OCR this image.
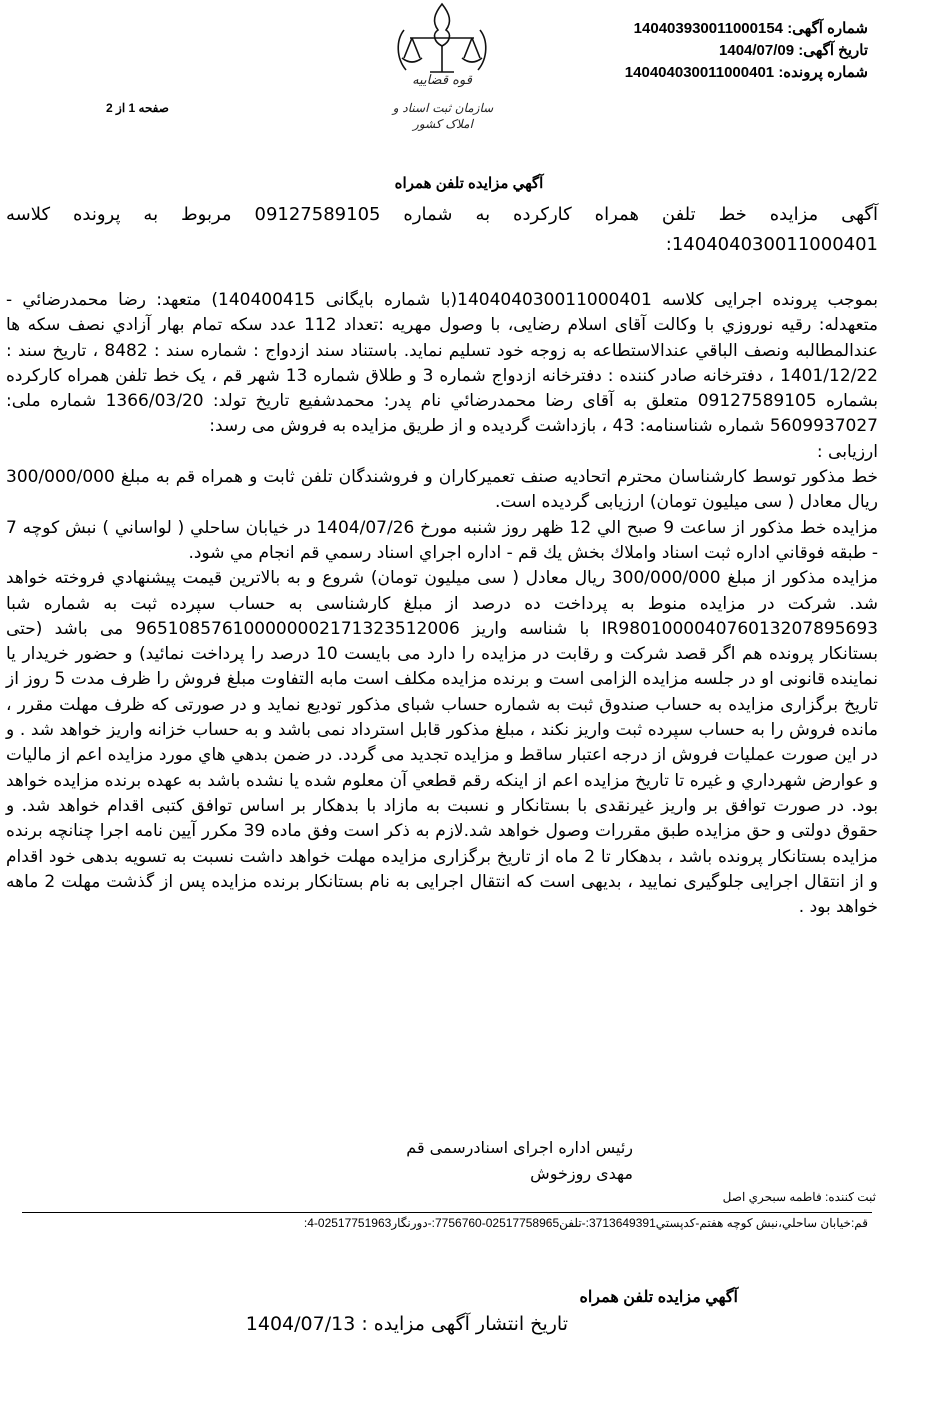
شماره آگهی: 140403930011000154
تاریخ آگهی: 1404/07/09
شماره پرونده: 140404030011000401
قوه قضاییه
سازمان ثبت اسناد و املاک کشور
صفحه 1 از 2
آگهي مزايده تلفن همراه
آگهی مزایده خط تلفن همراه کارکرده به شماره 09127589105 مربوط به پرونده کلاسه 140404030011000401:

بموجب پرونده اجرایی کلاسه 140404030011000401(با شماره بایگانی 140400415) متعهد: رضا محمدرضائي - متعهدله: رقيه نوروزي با وكالت آقاى اسلام رضايى، با وصول مهريه :تعداد 112 عدد سكه تمام بهار آزادي نصف سكه ها عندالمطالبه ونصف الباقي عندالاستطاعه به زوجه خود تسليم نمايد. باستناد سند ازدواج : شماره سند : 8482 ، تاریخ سند : 1401/12/22 ، دفترخانه صادر کننده : دفترخانه ازدواج شماره 3 و طلاق شماره 13 شهر قم ، یک خط تلفن همراه کارکرده بشماره 09127589105 متعلق به آقای رضا محمدرضائي نام پدر: محمدشفيع تاريخ تولد: 1366/03/20 شماره ملی: 5609937027 شماره شناسنامه: 43 ، بازداشت گردیده و از طریق مزایده به فروش می رسد:

ارزیابی :

خط مذکور توسط کارشناسان محترم اتحادیه صنف تعمیرکاران و فروشندگان تلفن ثابت و همراه قم به مبلغ 300/000/000 ریال معادل ( سی میلیون تومان) ارزیابی گردیده است.

مزايده خط مذكور از ساعت 9 صبح الي 12 ظهر روز شنبه مورخ 1404/07/26 در خيابان ساحلي ( لواساني ) نبش كوچه 7 - طبقه فوقاني اداره ثبت اسناد واملاك بخش يك قم - اداره اجراي اسناد رسمي قم انجام مي شود.

مزایده مذکور از مبلغ 300/000/000 ریال معادل ( سی میلیون تومان) شروع و به بالاترین قیمت پيشنهادي فروخته خواهد شد. شرکت در مزايده منوط به پرداخت ده درصد از مبلغ کارشناسی به حساب سپرده ثبت به شماره شبا IR980100004076013207895693 با شناسه واريز 965108576100000002171323512006 می باشد (حتی بستانکار پرونده هم اگر قصد شرکت و رقابت در مزایده را دارد می بایست 10 درصد را پرداخت نمائید) و حضور خريدار يا نماينده قانونی او در جلسه مزايده الزامی است و برنده مزايده مکلف است مابه التفاوت مبلغ فروش را ظرف مدت 5 روز از تاريخ برگزاری مزايده به حساب صندوق ثبت به شماره حساب شبای مذكور توديع نمايد و در صورتی كه ظرف مهلت مقرر ، مانده فروش را به حساب سپرده ثبت واريز نكند ، مبلغ مذكور قابل استرداد نمی باشد و به حساب خزانه واريز خواهد شد . و در اين صورت عمليات فروش از درجه اعتبار ساقط و مزايده تجديد می گردد. در ضمن بدهي هاي مورد مزايده اعم از ماليات و عوارض شهرداري و غيره تا تاريخ مزايده اعم از اينكه رقم قطعي آن معلوم شده يا نشده باشد به عهده برنده مزايده خواهد بود. در صورت توافق بر واريز غيرنقدی با بستانكار و نسبت به مازاد با بدهكار بر اساس توافق كتبی اقدام خواهد شد. و حقوق دولتی و حق مزايده طبق مقررات وصول خواهد شد.لازم به ذکر است وفق ماده 39 مکرر آيين نامه اجرا چنانچه برنده مزايده بستانکار پرونده باشد ، بدهکار تا 2 ماه از تاريخ برگزاری مزايده مهلت خواهد داشت نسبت به تسويه بدهی خود اقدام و از انتقال اجرايی جلوگيری نماييد ، بديهی است که انتقال اجرايی به نام بستانکار برنده مزايده پس از گذشت مهلت 2 ماهه خواهد بود .

رئیس اداره اجرای اسنادرسمی قم
مهدی روزخوش
ثبت کننده: فاطمه سبحري اصل
قم:خیابان ساحلي،نبش کوچه هفتم-کدپستي3713649391:-تلفن02517758965-7756760:-دورنگار02517751963-4:
آگهي مزايده تلفن همراه
تاریخ انتشار آگهی مزایده : 1404/07/13
